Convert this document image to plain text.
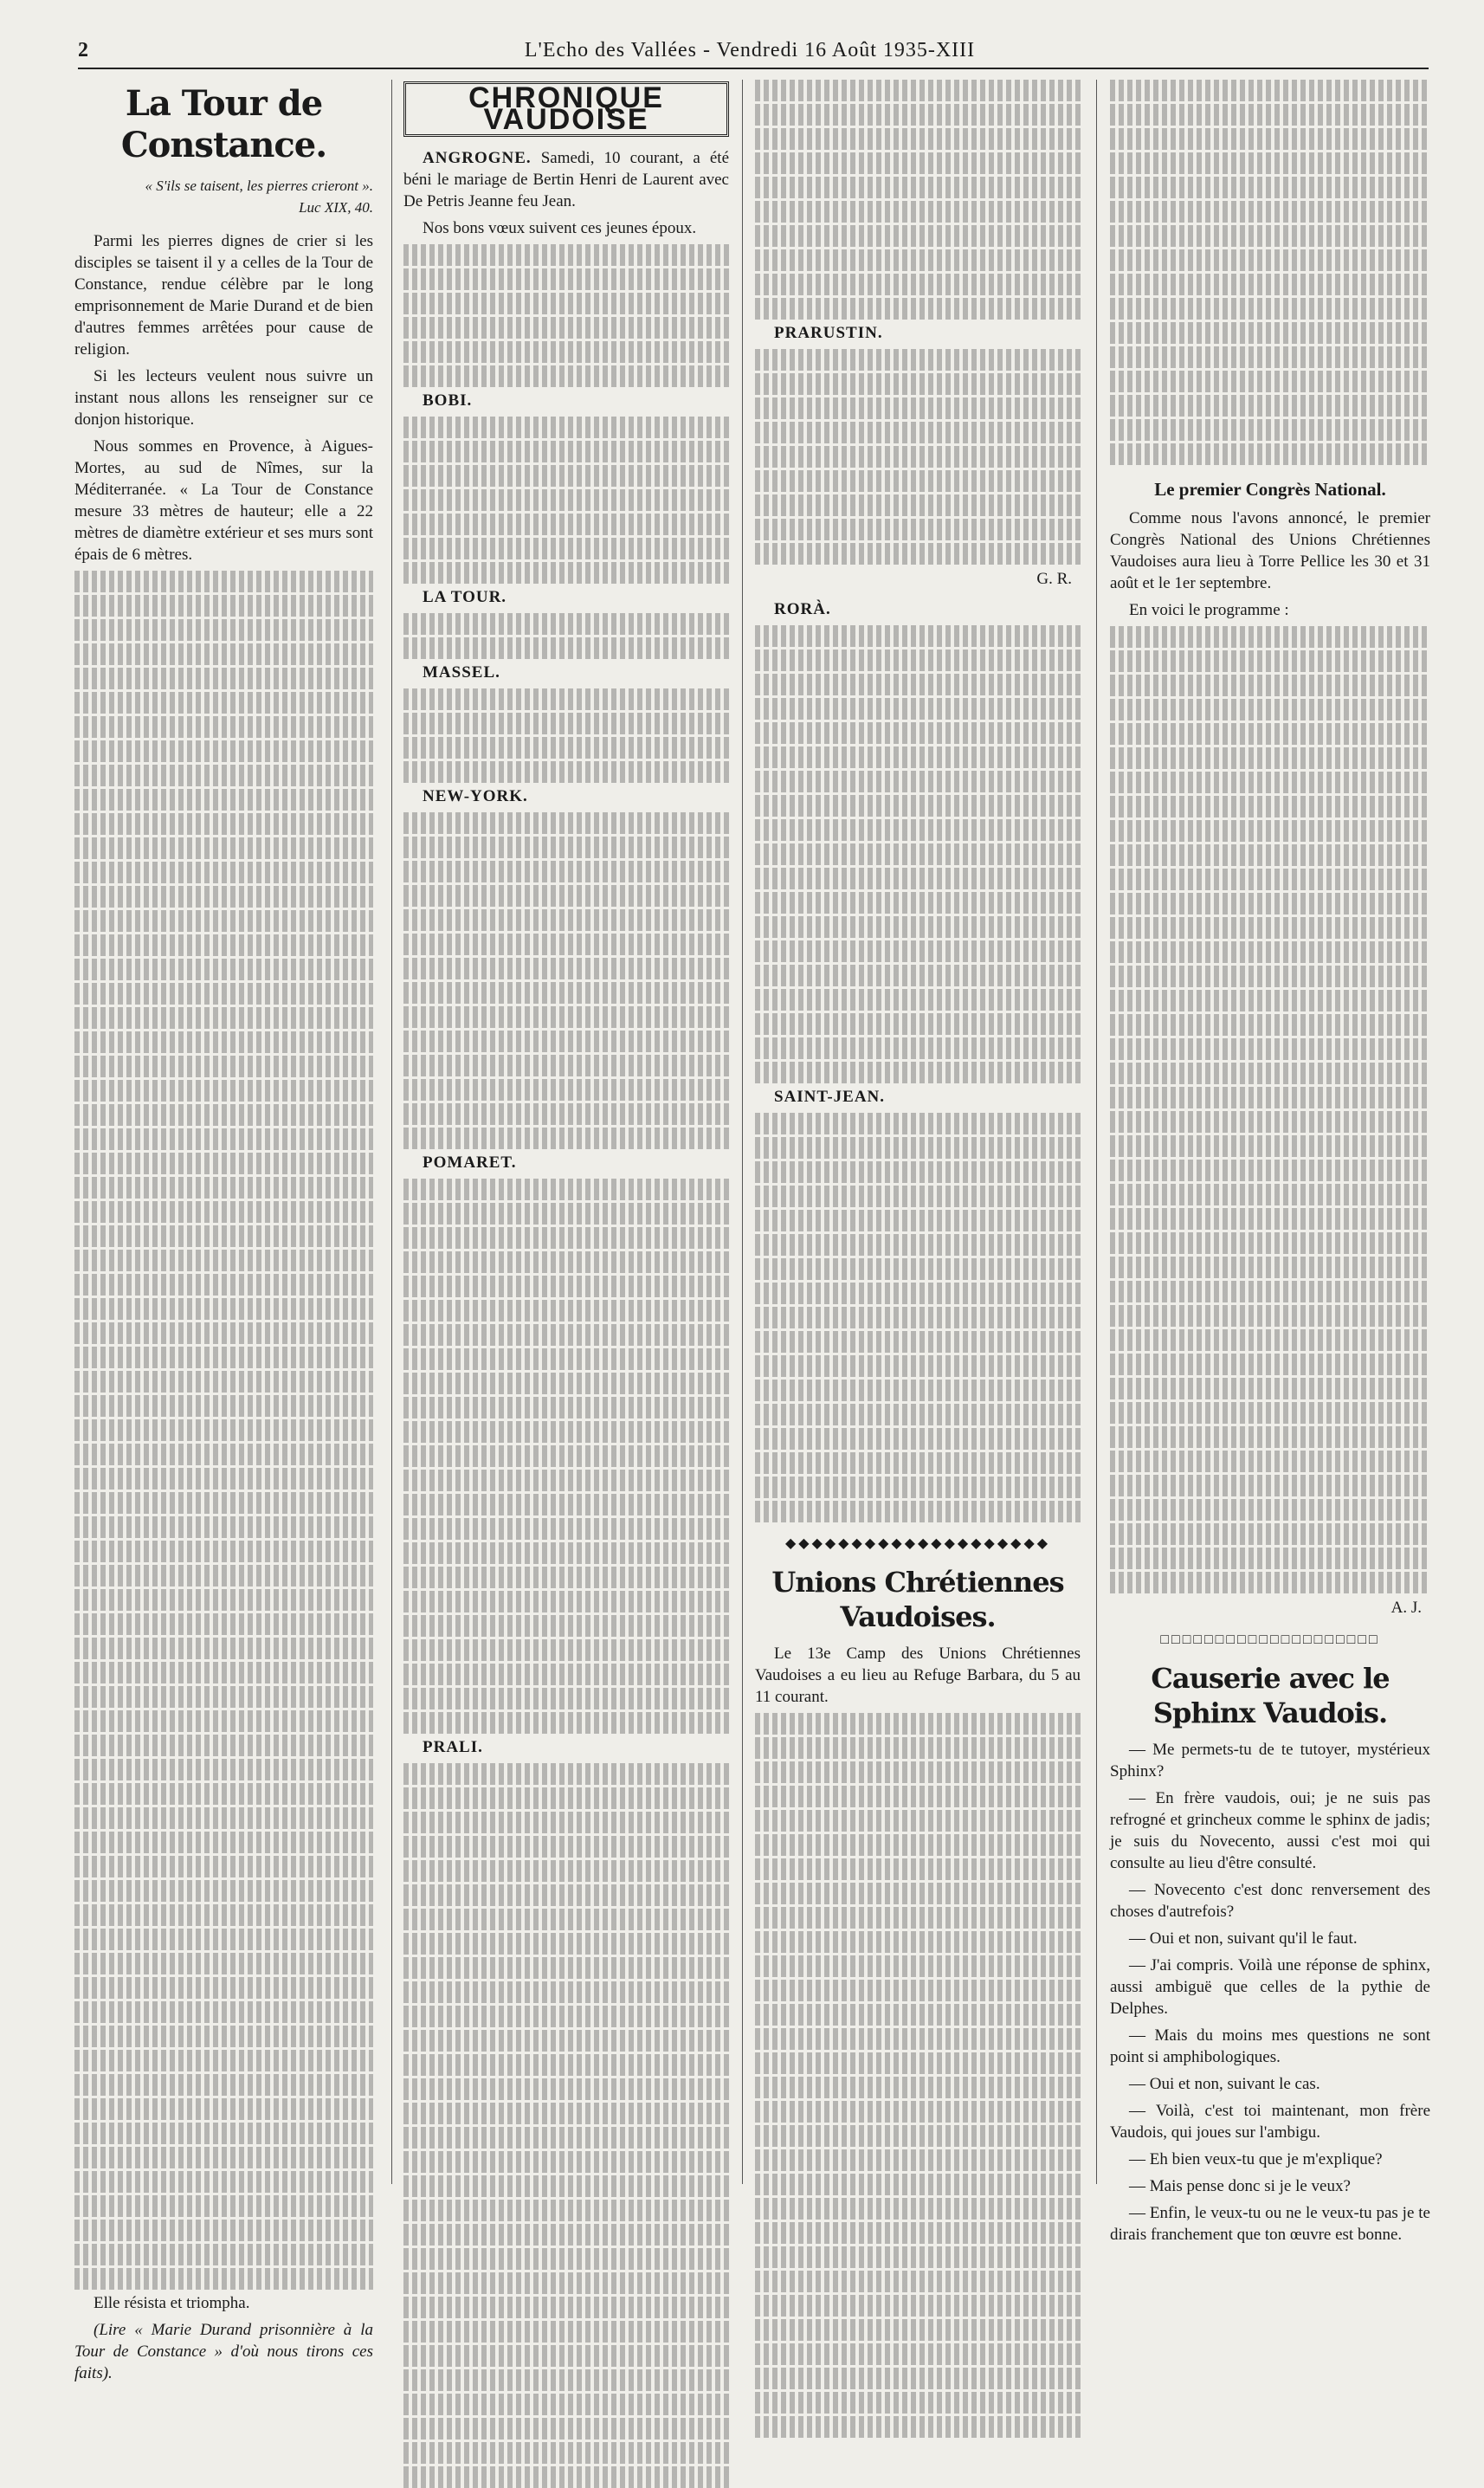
2	L'Echo des Vallées - Vendredi 16 Août 1935-XIII
La Tour de Constance.
« S'ils se taisent, les pierres crieront ».
Luc XIX, 40.

Parmi les pierres dignes de crier si les disciples se taisent il y a celles de la Tour de Constance, rendue célèbre par le long emprisonnement de Marie Durand et de bien d'autres femmes arrêtées pour cause de religion.

Si les lecteurs veulent nous suivre un instant nous allons les renseigner sur ce donjon historique.

Nous sommes en Provence, à Aigues-Mortes, au sud de Nîmes, sur la Méditerranée. « La Tour de Constance mesure 33 mètres de hauteur; elle a 22 mètres de diamètre extérieur et ses murs sont épais de 6 mètres.

Elle résista et triompha.

(Lire « Marie Durand prisonnière à la Tour de Constance » d'où nous tirons ces faits).

CHRONIQUE VAUDOISE

ANGROGNE. Samedi, 10 courant, a été béni le mariage de Bertin Henri de Laurent avec De Petris Jeanne feu Jean.

Nos bons vœux suivent ces jeunes époux.

BOBI.

LA TOUR.

MASSEL.

NEW-YORK.

POMARET.

PRALI.

PRARUSTIN.

G. R.

RORÀ.

SAINT-JEAN.

◆◆◆◆◆◆◆◆◆◆◆◆◆◆◆◆◆◆◆◆
Unions Chrétiennes Vaudoises.

Le 13e Camp des Unions Chrétiennes Vaudoises a eu lieu au Refuge Barbara, du 5 au 11 courant.

Le premier Congrès National.

Comme nous l'avons annoncé, le premier Congrès National des Unions Chrétiennes Vaudoises aura lieu à Torre Pellice les 30 et 31 août et le 1er septembre.

En voici le programme :

A. J.
□□□□□□□□□□□□□□□□□□□□
Causerie avec le Sphinx Vaudois.

— Me permets-tu de te tutoyer, mystérieux Sphinx?

— En frère vaudois, oui; je ne suis pas refrogné et grincheux comme le sphinx de jadis; je suis du Novecento, aussi c'est moi qui consulte au lieu d'être consulté.

— Novecento c'est donc renversement des choses d'autrefois?

— Oui et non, suivant qu'il le faut.

— J'ai compris. Voilà une réponse de sphinx, aussi ambiguë que celles de la pythie de Delphes.

— Mais du moins mes questions ne sont point si amphibologiques.

— Oui et non, suivant le cas.

— Voilà, c'est toi maintenant, mon frère Vaudois, qui joues sur l'ambigu.

— Eh bien veux-tu que je m'explique?

— Mais pense donc si je le veux?

— Enfin, le veux-tu ou ne le veux-tu pas je te dirais franchement que ton œuvre est bonne.
